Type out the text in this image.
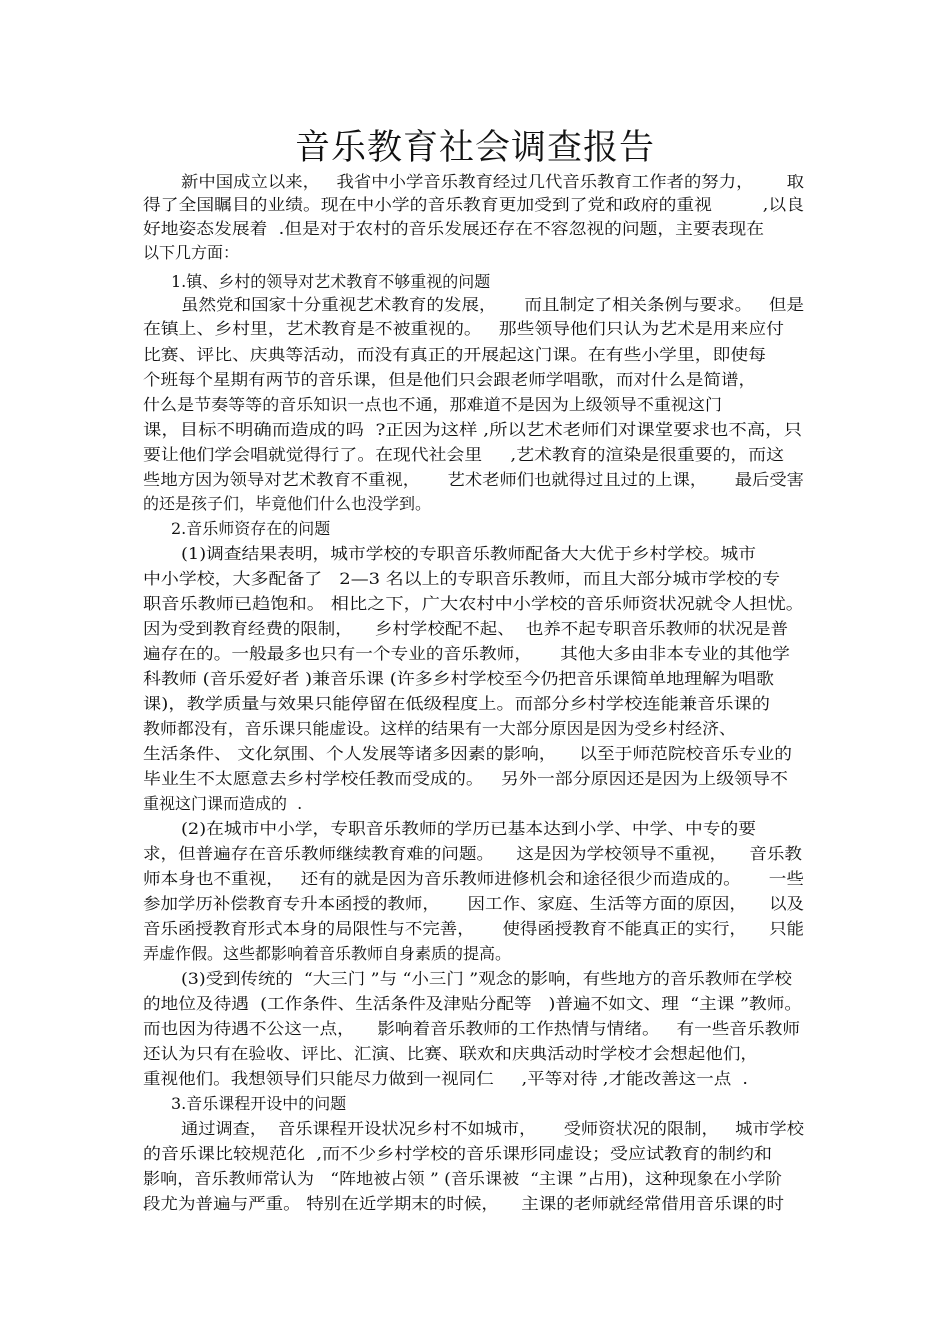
音乐教育社会调查报告
新中国成立以来，   我省中小学音乐教育经过几代音乐教育工作者的努力，      取
得了全国瞩目的业绩。现在中小学的音乐教育更加受到了党和政府的重视         ,以良
好地姿态发展着  .但是对于农村的音乐发展还存在不容忽视的问题，主要表现在
以下几方面：
1.镇、乡村的领导对艺术教育不够重视的问题
虽然党和国家十分重视艺术教育的发展，     而且制定了相关条例与要求。   但是
在镇上、乡村里，艺术教育是不被重视的。   那些领导他们只认为艺术是用来应付
比赛、评比、庆典等活动，而没有真正的开展起这门课。在有些小学里，即使每
个班每个星期有两节的音乐课，但是他们只会跟老师学唱歌，而对什么是简谱，
什么是节奏等等的音乐知识一点也不通，那难道不是因为上级领导不重视这门
课，目标不明确而造成的吗  ?正因为这样 ,所以艺术老师们对课堂要求也不高，只
要让他们学会唱就觉得行了。在现代社会里     ,艺术教育的渲染是很重要的，而这
些地方因为领导对艺术教育不重视，     艺术老师们也就得过且过的上课，     最后受害
的还是孩子们，毕竟他们什么也没学到。
2.音乐师资存在的问题
(1)调查结果表明，城市学校的专职音乐教师配备大大优于乡村学校。城市
中小学校，大多配备了   2—3 名以上的专职音乐教师，而且大部分城市学校的专
职音乐教师已趋饱和。 相比之下，广大农村中小学校的音乐师资状况就令人担忧。
因为受到教育经费的限制，    乡村学校配不起、  也养不起专职音乐教师的状况是普
遍存在的。一般最多也只有一个专业的音乐教师，     其他大多由非本专业的其他学
科教师 (音乐爱好者 )兼音乐课 (许多乡村学校至今仍把音乐课简单地理解为唱歌
课)，教学质量与效果只能停留在低级程度上。而部分乡村学校连能兼音乐课的
教师都没有，音乐课只能虚设。这样的结果有一大部分原因是因为受乡村经济、
生活条件、 文化氛围、个人发展等诸多因素的影响，    以至于师范院校音乐专业的
毕业生不太愿意去乡村学校任教而受成的。   另外一部分原因还是因为上级领导不
重视这门课而造成的  .
(2)在城市中小学，专职音乐教师的学历已基本达到小学、中学、中专的要
求，但普遍存在音乐教师继续教育难的问题。    这是因为学校领导不重视，    音乐教
师本身也不重视，   还有的就是因为音乐教师进修机会和途径很少而造成的。     一些
参加学历补偿教育专升本函授的教师，     因工作、家庭、生活等方面的原因，    以及
音乐函授教育形式本身的局限性与不完善，     使得函授教育不能真正的实行，    只能
弄虚作假。这些都影响着音乐教师自身素质的提高。
(3)受到传统的  “大三门 ”与 “小三门 ”观念的影响，有些地方的音乐教师在学校
的地位及待遇  (工作条件、生活条件及津贴分配等   )普遍不如文、理  “主课 ”教师。
而也因为待遇不公这一点，    影响着音乐教师的工作热情与情绪。   有一些音乐教师
还认为只有在验收、评比、汇演、比赛、联欢和庆典活动时学校才会想起他们，
重视他们。我想领导们只能尽力做到一视同仁     ,平等对待 ,才能改善这一点  .
3.音乐课程开设中的问题
通过调查，  音乐课程开设状况乡村不如城市，     受师资状况的限制，   城市学校
的音乐课比较规范化  ,而不少乡村学校的音乐课形同虚设；受应试教育的制约和
影响，音乐教师常认为   “阵地被占领 ” (音乐课被  “主课 ”占用)，这种现象在小学阶
段尤为普遍与严重。 特别在近学期末的时候，    主课的老师就经常借用音乐课的时
